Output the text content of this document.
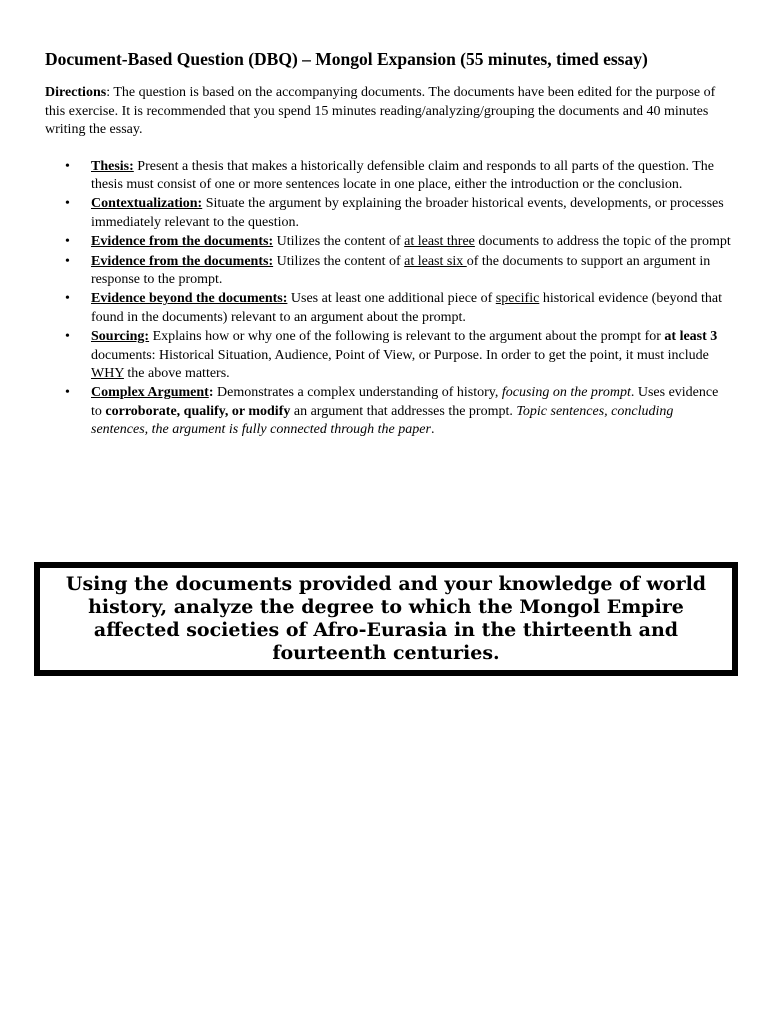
Document-Based Question (DBQ) – Mongol Expansion (55 minutes, timed essay)

Directions: The question is based on the accompanying documents. The documents have been edited for the purpose of this exercise. It is recommended that you spend 15 minutes reading/analyzing/grouping the documents and 40 minutes writing the essay.

• Thesis: Present a thesis that makes a historically defensible claim and responds to all parts of the question. The thesis must consist of one or more sentences locate in one place, either the introduction or the conclusion.
• Contextualization: Situate the argument by explaining the broader historical events, developments, or processes immediately relevant to the question.
• Evidence from the documents: Utilizes the content of at least three documents to address the topic of the prompt
• Evidence from the documents: Utilizes the content of at least six of the documents to support an argument in response to the prompt.
• Evidence beyond the documents: Uses at least one additional piece of specific historical evidence (beyond that found in the documents) relevant to an argument about the prompt.
• Sourcing: Explains how or why one of the following is relevant to the argument about the prompt for at least 3 documents: Historical Situation, Audience, Point of View, or Purpose. In order to get the point, it must include WHY the above matters.
• Complex Argument: Demonstrates a complex understanding of history, focusing on the prompt. Uses evidence to corroborate, qualify, or modify an argument that addresses the prompt. Topic sentences, concluding sentences, the argument is fully connected through the paper.

Using the documents provided and your knowledge of world history, analyze the degree to which the Mongol Empire affected societies of Afro-Eurasia in the thirteenth and fourteenth centuries.
